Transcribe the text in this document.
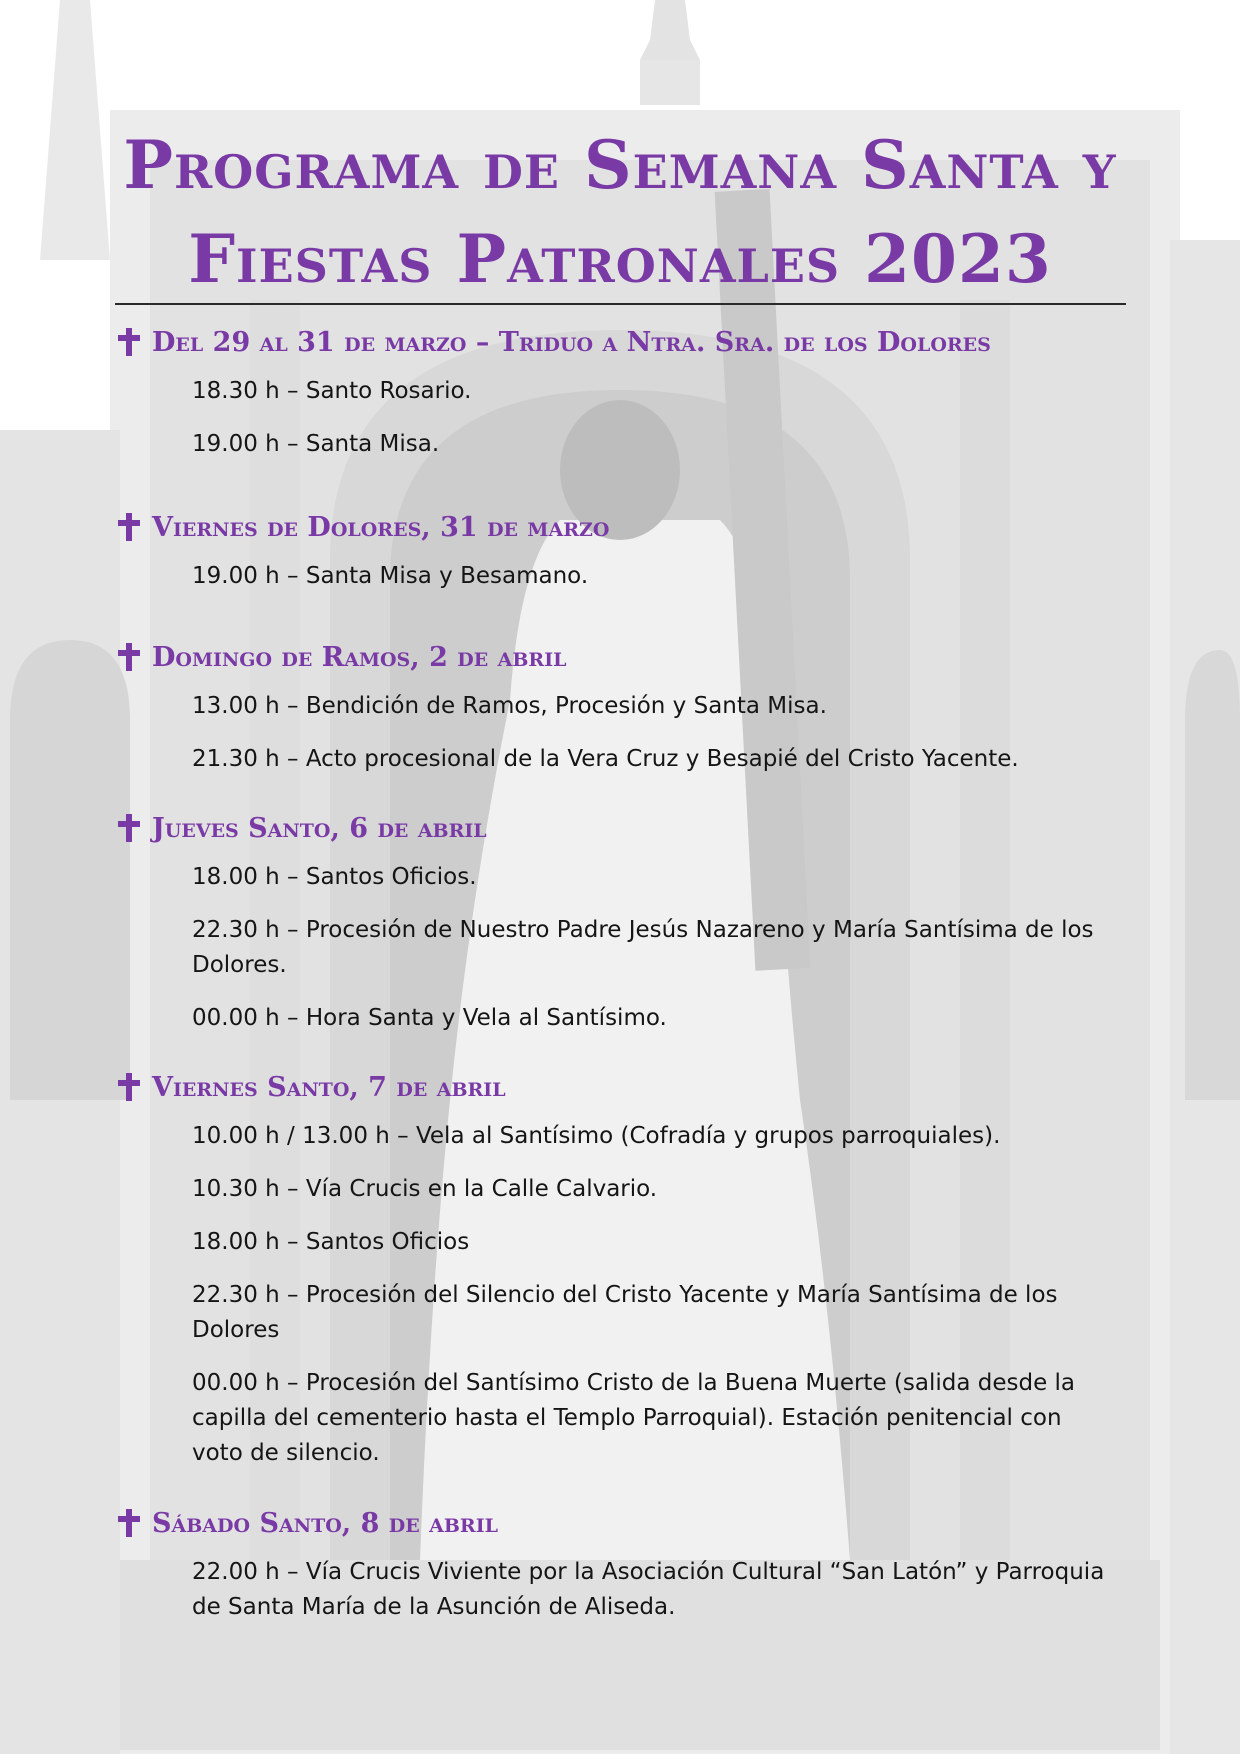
Programa de Semana Santa y
Fiestas Patronales 2023
Del 29 al 31 de marzo – Triduo a Ntra. Sra. de los Dolores
18.30 h – Santo Rosario.
19.00 h – Santa Misa.
Viernes de Dolores, 31 de marzo
19.00 h – Santa Misa y Besamano.
Domingo de Ramos, 2 de abril
13.00 h – Bendición de Ramos, Procesión y Santa Misa.
21.30 h – Acto procesional de la Vera Cruz y Besapié del Cristo Yacente.
Jueves Santo, 6 de abril
18.00 h – Santos Oficios.
22.30 h – Procesión de Nuestro Padre Jesús Nazareno y María Santísima de los Dolores.
00.00 h – Hora Santa y Vela al Santísimo.
Viernes Santo, 7 de abril
10.00 h / 13.00 h – Vela al Santísimo (Cofradía y grupos parroquiales).
10.30 h – Vía Crucis en la Calle Calvario.
18.00 h – Santos Oficios
22.30 h – Procesión del Silencio del Cristo Yacente y María Santísima de los Dolores
00.00 h – Procesión del Santísimo Cristo de la Buena Muerte (salida desde la capilla del cementerio hasta el Templo Parroquial). Estación penitencial con voto de silencio.
Sábado Santo, 8 de abril
22.00 h – Vía Crucis Viviente por la Asociación Cultural “San Latón” y Parroquia de Santa María de la Asunción de Aliseda.
